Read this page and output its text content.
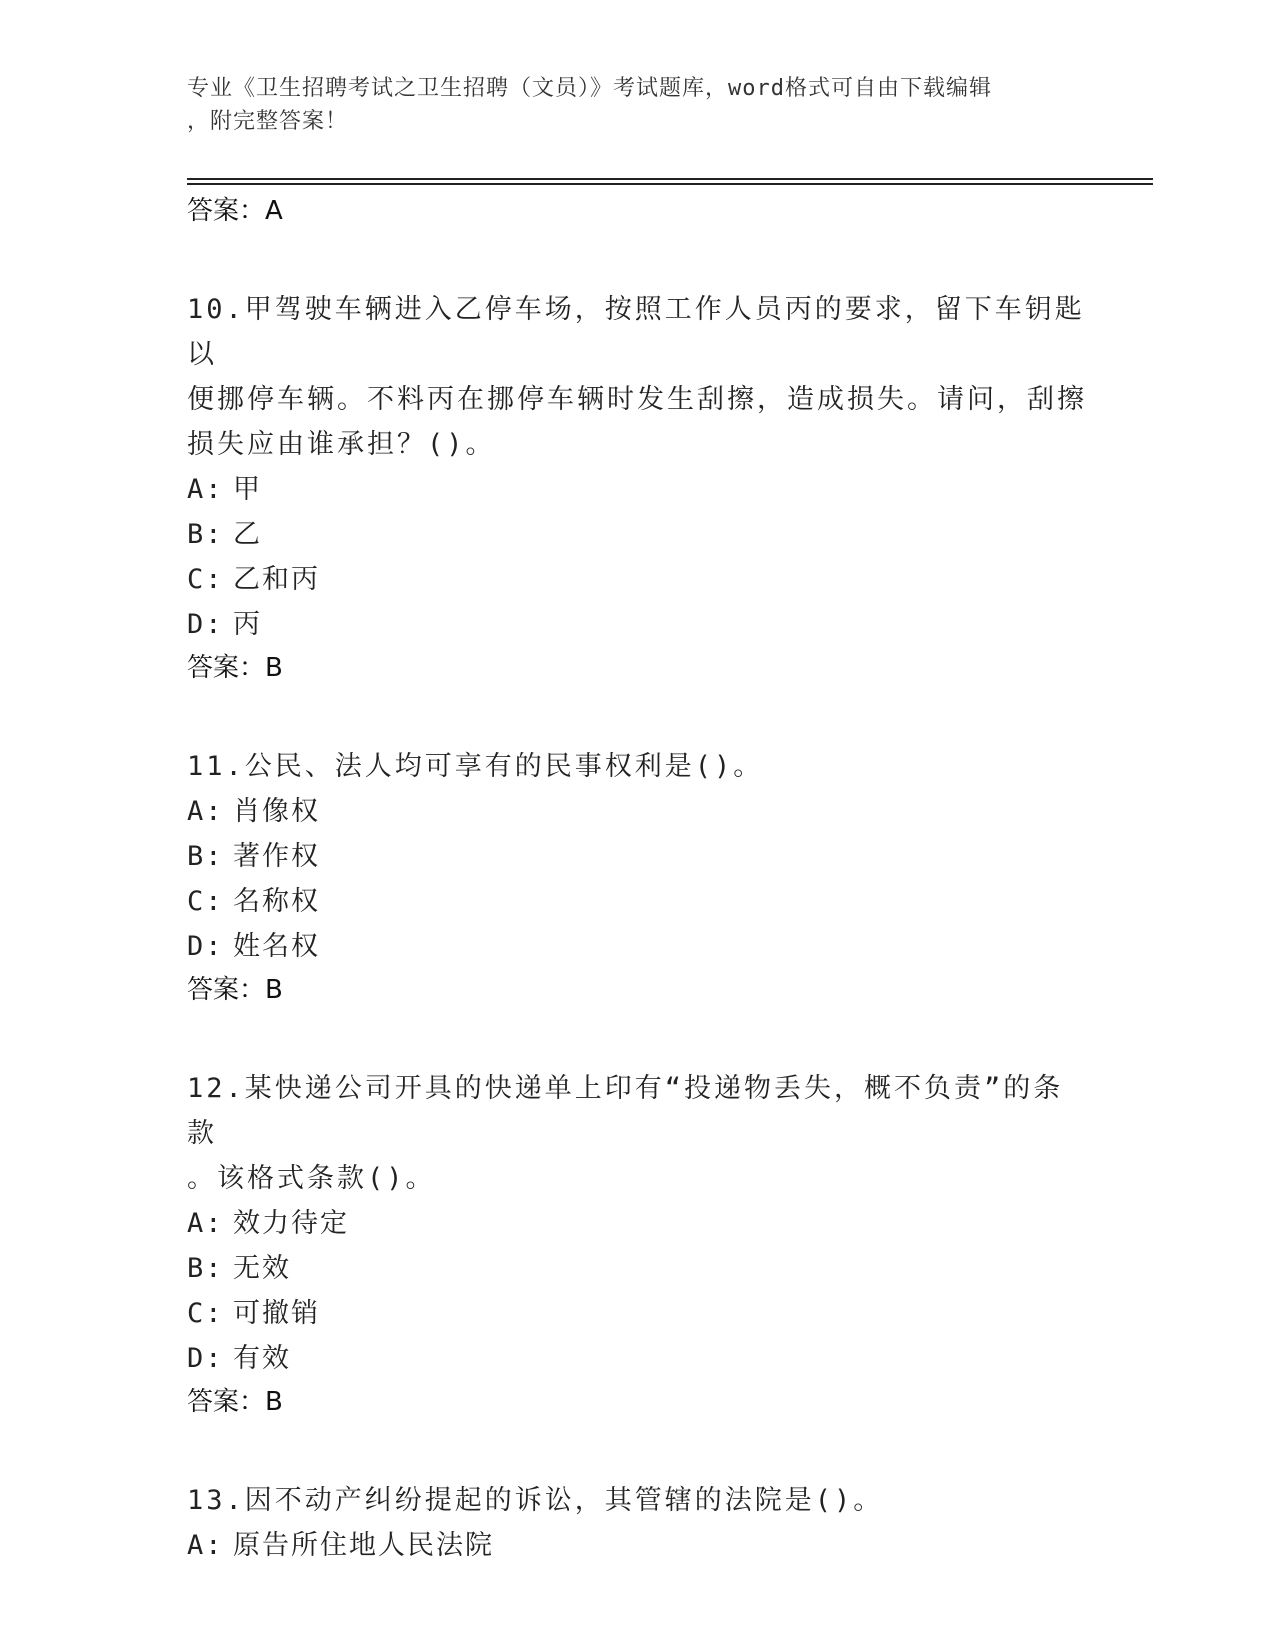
专业《卫生招聘考试之卫生招聘（文员）》考试题库，word格式可自由下载编辑
，附完整答案！
答案：A
10.甲驾驶车辆进入乙停车场，按照工作人员丙的要求，留下车钥匙以
便挪停车辆。不料丙在挪停车辆时发生刮擦，造成损失。请问，刮擦
损失应由谁承担？()。
A: 甲
B: 乙
C: 乙和丙
D: 丙
答案：B
11.公民、法人均可享有的民事权利是()。
A: 肖像权
B: 著作权
C: 名称权
D: 姓名权
答案：B
12.某快递公司开具的快递单上印有“投递物丢失，概不负责”的条款
。该格式条款()。
A: 效力待定
B: 无效
C: 可撤销
D: 有效
答案：B
13.因不动产纠纷提起的诉讼，其管辖的法院是()。
A: 原告所住地人民法院
